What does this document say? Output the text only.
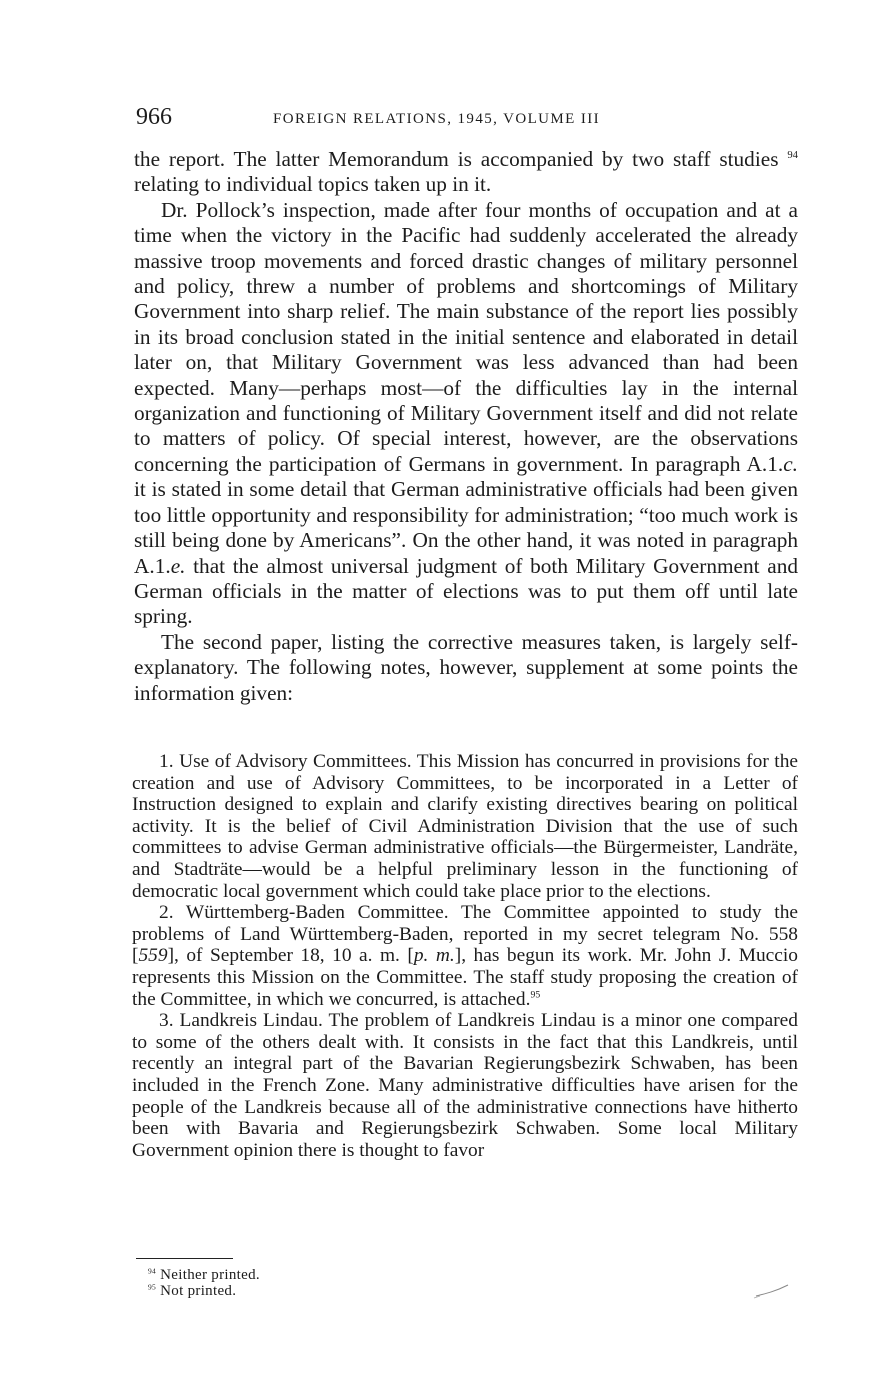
966	FOREIGN RELATIONS, 1945, VOLUME III

the report. The latter Memorandum is accompanied by two staff studies $^{94}$ relating to individual topics taken up in it.

Dr. Pollock’s inspection, made after four months of occupation and at a time when the victory in the Pacific had suddenly accelerated the already massive troop movements and forced drastic changes of military personnel and policy, threw a number of problems and shortcomings of Military Government into sharp relief. The main substance of the report lies possibly in its broad conclusion stated in the initial sentence and elaborated in detail later on, that Military Government was less advanced than had been expected. Many—perhaps most—of the difficulties lay in the internal organization and functioning of Military Government itself and did not relate to matters of policy. Of special interest, however, are the observations concerning the participation of Germans in government. In paragraph A.1.c. it is stated in some detail that German administrative officials had been given too little opportunity and responsibility for administration; “too much work is still being done by Americans”. On the other hand, it was noted in paragraph A.1.e. that the almost universal judgment of both Military Government and German officials in the matter of elections was to put them off until late spring.

The second paper, listing the corrective measures taken, is largely self-explanatory. The following notes, however, supplement at some points the information given:

1. Use of Advisory Committees. This Mission has concurred in provisions for the creation and use of Advisory Committees, to be incorporated in a Letter of Instruction designed to explain and clarify existing directives bearing on political activity. It is the belief of Civil Administration Division that the use of such committees to advise German administrative officials—the Bürgermeister, Landräte, and Stadträte—would be a helpful preliminary lesson in the functioning of democratic local government which could take place prior to the elections.

2. Württemberg-Baden Committee. The Committee appointed to study the problems of Land Württemberg-Baden, reported in my secret telegram No. 558 [559], of September 18, 10 a. m. [p. m.], has begun its work. Mr. John J. Muccio represents this Mission on the Committee. The staff study proposing the creation of the Committee, in which we concurred, is attached.$^{95}$

3. Landkreis Lindau. The problem of Landkreis Lindau is a minor one compared to some of the others dealt with. It consists in the fact that this Landkreis, until recently an integral part of the Bavarian Regierungsbezirk Schwaben, has been included in the French Zone. Many administrative difficulties have arisen for the people of the Landkreis because all of the administrative connections have hitherto been with Bavaria and Regierungsbezirk Schwaben. Some local Military Government opinion there is thought to favor

$^{94}$ Neither printed.
$^{95}$ Not printed.
